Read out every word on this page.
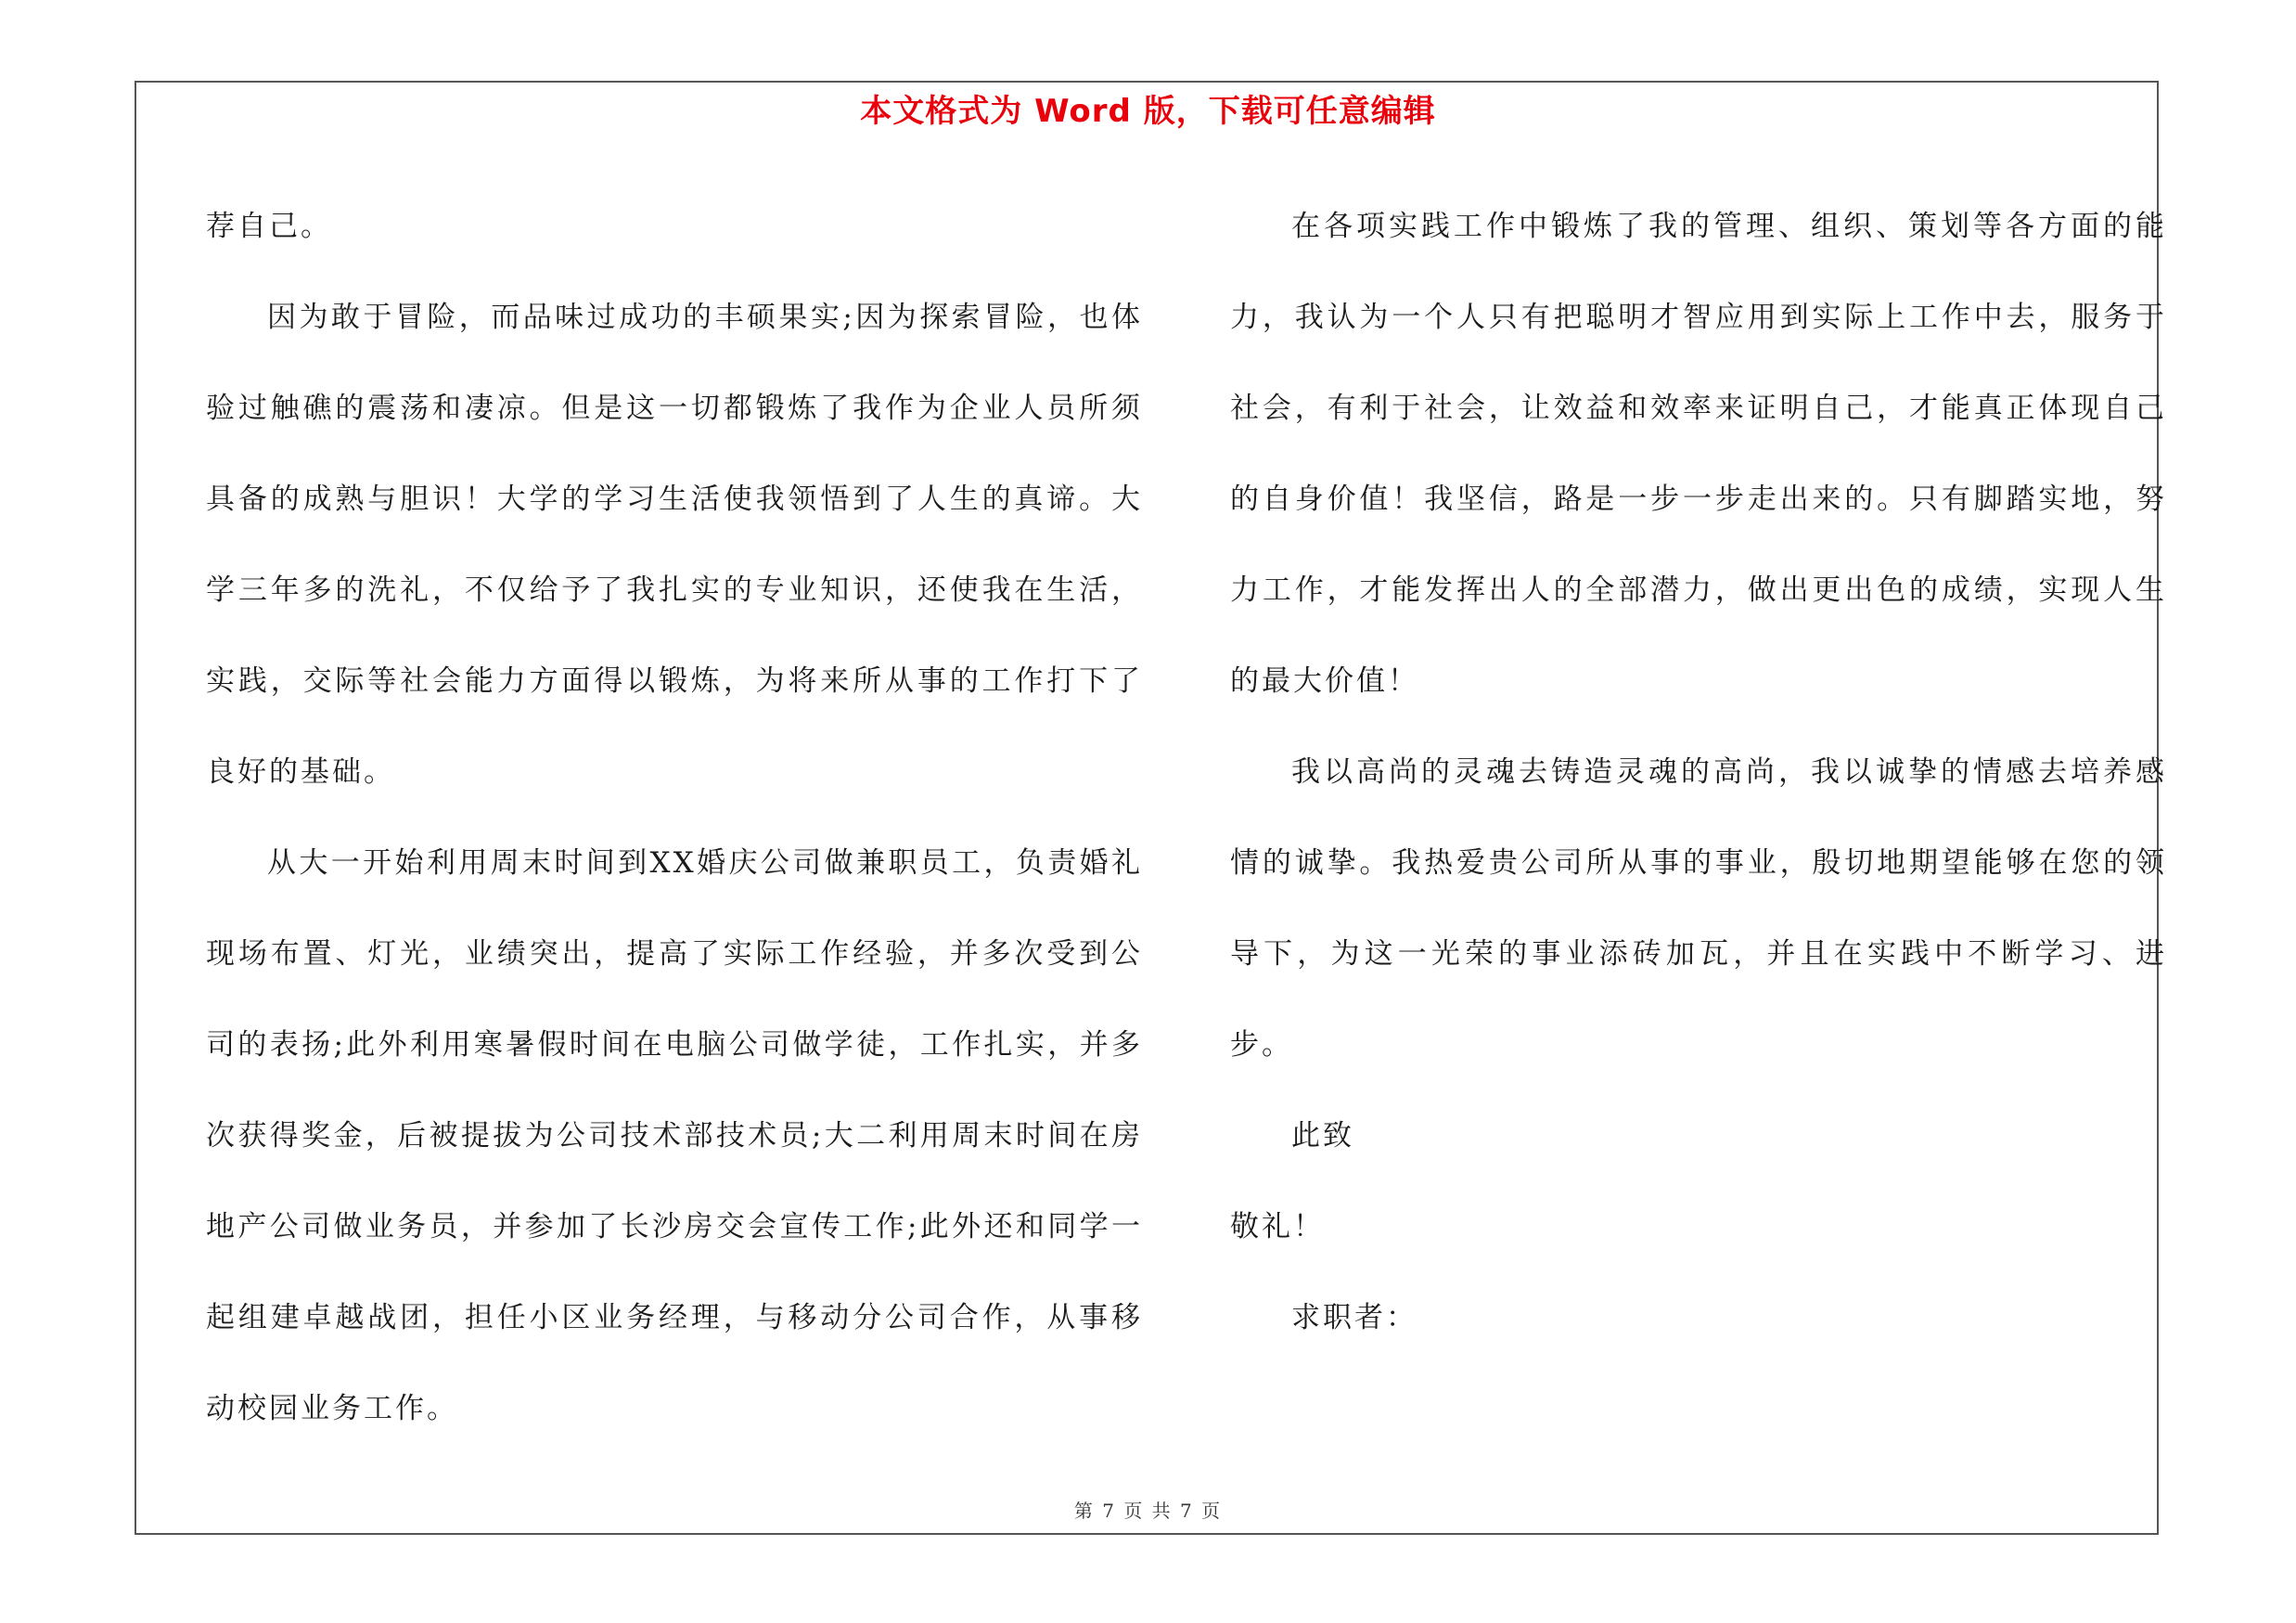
本文格式为 Word 版，下载可任意编辑

荐自己。

因为敢于冒险，而品味过成功的丰硕果实;因为探索冒险，也体验过触礁的震荡和凄凉。但是这一切都锻炼了我作为企业人员所须具备的成熟与胆识！大学的学习生活使我领悟到了人生的真谛。大学三年多的洗礼，不仅给予了我扎实的专业知识，还使我在生活，实践，交际等社会能力方面得以锻炼，为将来所从事的工作打下了良好的基础。

从大一开始利用周末时间到XX婚庆公司做兼职员工，负责婚礼现场布置、灯光，业绩突出，提高了实际工作经验，并多次受到公司的表扬;此外利用寒暑假时间在电脑公司做学徒，工作扎实，并多次获得奖金，后被提拔为公司技术部技术员;大二利用周末时间在房地产公司做业务员，并参加了长沙房交会宣传工作;此外还和同学一起组建卓越战团，担任小区业务经理，与移动分公司合作，从事移动校园业务工作。

在各项实践工作中锻炼了我的管理、组织、策划等各方面的能力，我认为一个人只有把聪明才智应用到实际上工作中去，服务于社会，有利于社会，让效益和效率来证明自己，才能真正体现自己的自身价值！我坚信，路是一步一步走出来的。只有脚踏实地，努力工作，才能发挥出人的全部潜力，做出更出色的成绩，实现人生的最大价值！

我以高尚的灵魂去铸造灵魂的高尚，我以诚挚的情感去培养感情的诚挚。我热爱贵公司所从事的事业，殷切地期望能够在您的领导下，为这一光荣的事业添砖加瓦，并且在实践中不断学习、进步。

此致

敬礼！

求职者：

第 7 页 共 7 页
